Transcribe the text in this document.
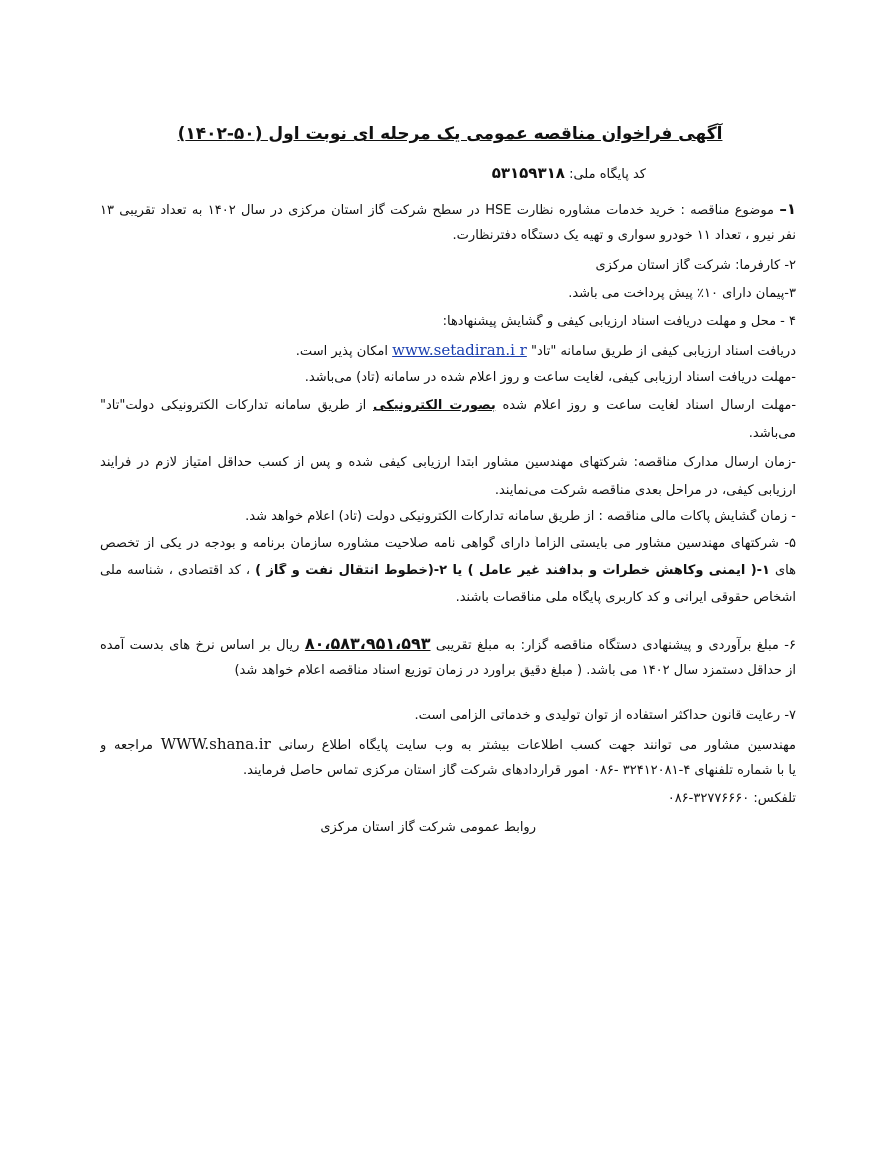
آگهی فراخوان مناقصه عمومی یک مرحله ای نوبت اول (۵۰-۱۴۰۲)
کد پایگاه ملی: ۵۳۱۵۹۳۱۸
۱– موضوع مناقصه : خرید خدمات مشاوره نظارت HSE در سطح شرکت گاز استان مرکزی در سال ۱۴۰۲ به تعداد تقریبی ۱۳
نفر نیرو ، تعداد ۱۱ خودرو سواری و تهیه یک دستگاه دفترنظارت.
۲- کارفرما: شرکت گاز استان مرکزی
۳-پیمان دارای ۱۰٪ پیش پرداخت می باشد.
۴ - محل و مهلت دریافت اسناد ارزیابی کیفی و گشایش پیشنهادها:
دریافت اسناد ارزیابی کیفی از طریق سامانه "تاد" www.setadiran.i r امکان پذیر است.
-مهلت دریافت اسناد ارزیابی کیفی، لغایت ساعت و روز اعلام شده در سامانه (تاد) می‌باشد.
-مهلت ارسال اسناد لغایت ساعت و روز اعلام شده بصورت الکترونیکی از طریق سامانه تدارکات الکترونیکی دولت"تاد"
می‌باشد.
-زمان ارسال مدارک مناقصه: شرکتهای مهندسین مشاور ابتدا ارزیابی کیفی شده و پس از کسب حداقل امتیاز لازم در فرآیند
ارزیابی کیفی، در مراحل بعدی مناقصه شرکت می‌نمایند.
- زمان گشایش پاکات مالی مناقصه : از طریق سامانه تدارکات الکترونیکی دولت (تاد) اعلام خواهد شد.
۵- شرکتهای مهندسین مشاور می بایستی الزاماً دارای گواهی نامه صلاحیت مشاوره سازمان برنامه و بودجه در یکی از تخصص
های ۱-( ایمنی وکاهش خطرات و بدافند غیر عامل ) یا ۲-(خطوط انتقال نفت و گاز ) ، کد اقتصادی ، شناسه ملی
اشخاص حقوقی ایرانی و کد کاربری پایگاه ملی مناقصات باشند.
۶- مبلغ برآوردی و پیشنهادی دستگاه مناقصه گزار: به مبلغ تقریبی ۸۰،۵۸۳،۹۵۱،۵۹۳ ریال بر اساس نرخ های بدست آمده
از حداقل دستمزد سال ۱۴۰۲ می باشد. ( مبلغ دقیق برآورد در زمان توزیع اسناد مناقصه اعلام خواهد شد)
۷- رعایت قانون حداکثر استفاده از توان تولیدی و خدماتی الزامی است.
مهندسین مشاور می توانند جهت کسب اطلاعات بیشتر به وب سایت پایگاه اطلاع رسانی WWW.shana.ir مراجعه و
یا با شماره تلفنهای ۴-۳۲۴۱۲۰۸۱ -۰۸۶ امور قراردادهای شرکت گاز استان مرکزی تماس حاصل فرمایند.
تلفکس: ۳۲۷۷۶۶۶۰-۰۸۶
روابط عمومی شرکت گاز استان مرکزی
